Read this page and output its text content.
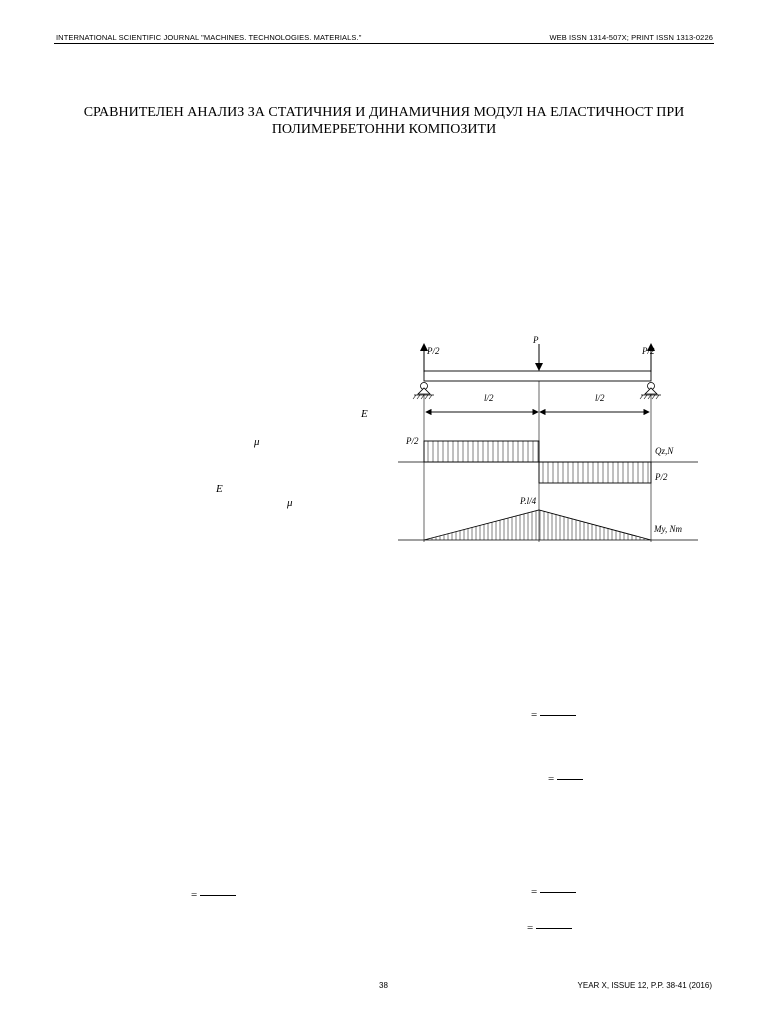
INTERNATIONAL SCIENTIFIC JOURNAL "MACHINES. TECHNOLOGIES. MATERIALS."	WEB ISSN 1314-507X; PRINT ISSN 1313-0226
СРАВНИТЕЛЕН АНАЛИЗ ЗА СТАТИЧНИЯ И ДИНАМИЧНИЯ МОДУЛ НА ЕЛАСТИЧНОСТ ПРИ
ПОЛИМЕРБЕТОННИ КОМПОЗИТИ
E
μ
E
μ
P
P/2	P/2
l/2	l/2
P/2
P/2
Qz,N
P.l/4
My, Nm
=
=
=
=
=
38	YEAR X, ISSUE 12, P.P. 38-41 (2016)
